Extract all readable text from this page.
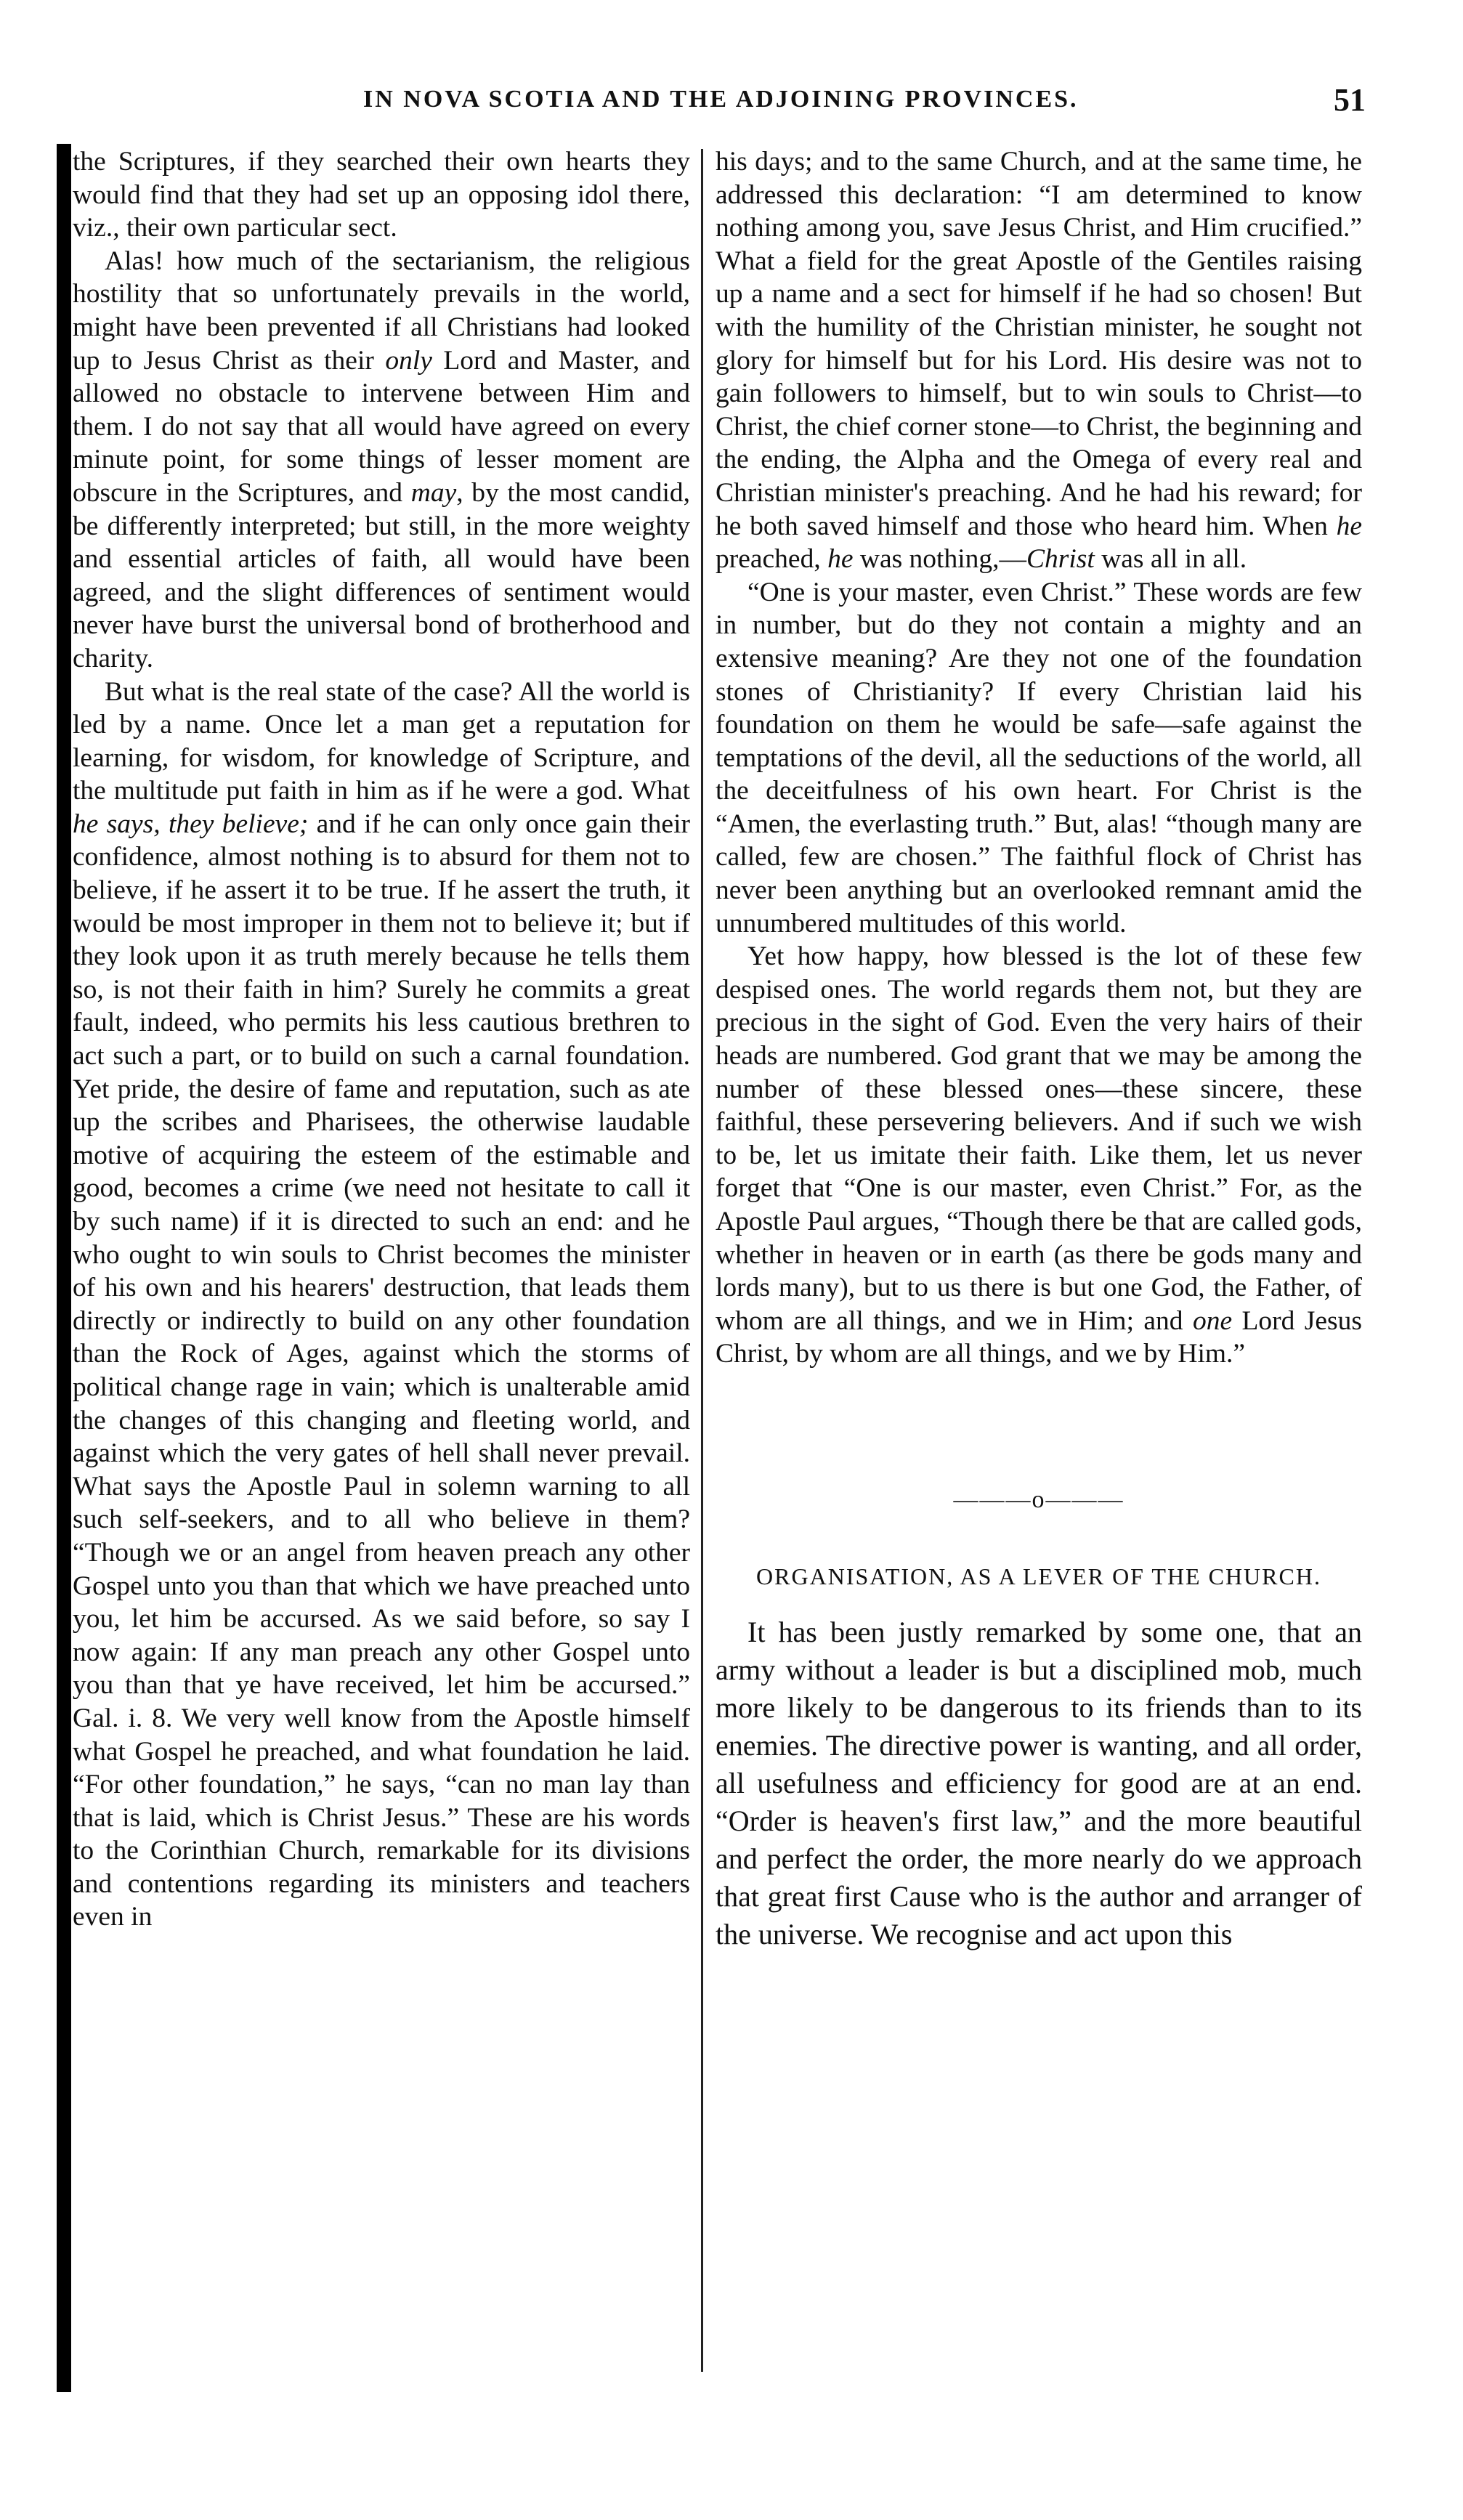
IN NOVA SCOTIA AND THE ADJOINING PROVINCES.	51

the Scriptures, if they searched their own hearts they would find that they had set up an opposing idol there, viz., their own particular sect.

Alas! how much of the sectarianism, the religious hostility that so unfortunately prevails in the world, might have been prevented if all Christians had looked up to Jesus Christ as their only Lord and Master, and allowed no obstacle to intervene between Him and them. I do not say that all would have agreed on every minute point, for some things of lesser moment are obscure in the Scriptures, and may, by the most candid, be differently interpreted; but still, in the more weighty and essential articles of faith, all would have been agreed, and the slight differences of sentiment would never have burst the universal bond of brotherhood and charity.

But what is the real state of the case? All the world is led by a name. Once let a man get a reputation for learning, for wisdom, for knowledge of Scripture, and the multitude put faith in him as if he were a god. What he says, they believe; and if he can only once gain their confidence, almost nothing is to absurd for them not to believe, if he assert it to be true. If he assert the truth, it would be most improper in them not to believe it; but if they look upon it as truth merely because he tells them so, is not their faith in him? Surely he commits a great fault, indeed, who permits his less cautious brethren to act such a part, or to build on such a carnal foundation. Yet pride, the desire of fame and reputation, such as ate up the scribes and Pharisees, the otherwise laudable motive of acquiring the esteem of the estimable and good, becomes a crime (we need not hesitate to call it by such name) if it is directed to such an end: and he who ought to win souls to Christ becomes the minister of his own and his hearers' destruction, that leads them directly or indirectly to build on any other foundation than the Rock of Ages, against which the storms of political change rage in vain; which is unalterable amid the changes of this changing and fleeting world, and against which the very gates of hell shall never prevail. What says the Apostle Paul in solemn warning to all such self-seekers, and to all who believe in them? “Though we or an angel from heaven preach any other Gospel unto you than that which we have preached unto you, let him be accursed. As we said before, so say I now again: If any man preach any other Gospel unto you than that ye have received, let him be accursed.” Gal. i. 8. We very well know from the Apostle himself what Gospel he preached, and what foundation he laid. “For other foundation,” he says, “can no man lay than that is laid, which is Christ Jesus.” These are his words to the Corinthian Church, remarkable for its divisions and contentions regarding its ministers and teachers even in

his days; and to the same Church, and at the same time, he addressed this declaration: “I am determined to know nothing among you, save Jesus Christ, and Him crucified.” What a field for the great Apostle of the Gentiles raising up a name and a sect for himself if he had so chosen! But with the humility of the Christian minister, he sought not glory for himself but for his Lord. His desire was not to gain followers to himself, but to win souls to Christ—to Christ, the chief corner stone—to Christ, the beginning and the ending, the Alpha and the Omega of every real and Christian minister's preaching. And he had his reward; for he both saved himself and those who heard him. When he preached, he was nothing,—Christ was all in all.

“One is your master, even Christ.” These words are few in number, but do they not contain a mighty and an extensive meaning? Are they not one of the foundation stones of Christianity? If every Christian laid his foundation on them he would be safe—safe against the temptations of the devil, all the seductions of the world, all the deceitfulness of his own heart. For Christ is the “Amen, the everlasting truth.” But, alas! “though many are called, few are chosen.” The faithful flock of Christ has never been anything but an overlooked remnant amid the unnumbered multitudes of this world.

Yet how happy, how blessed is the lot of these few despised ones. The world regards them not, but they are precious in the sight of God. Even the very hairs of their heads are numbered. God grant that we may be among the number of these blessed ones—these sincere, these faithful, these persevering believers. And if such we wish to be, let us imitate their faith. Like them, let us never forget that “One is our master, even Christ.” For, as the Apostle Paul argues, “Though there be that are called gods, whether in heaven or in earth (as there be gods many and lords many), but to us there is but one God, the Father, of whom are all things, and we in Him; and one Lord Jesus Christ, by whom are all things, and we by Him.”

———o———
ORGANISATION, AS A LEVER OF THE CHURCH.

It has been justly remarked by some one, that an army without a leader is but a disciplined mob, much more likely to be dangerous to its friends than to its enemies. The directive power is wanting, and all order, all usefulness and efficiency for good are at an end. “Order is heaven's first law,” and the more beautiful and perfect the order, the more nearly do we approach that great first Cause who is the author and arranger of the universe. We recognise and act upon this
